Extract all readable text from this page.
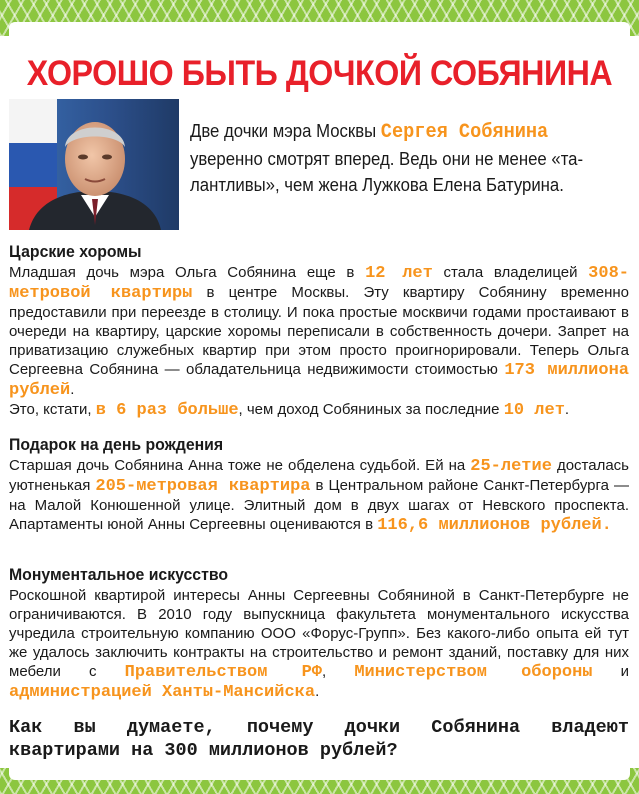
ХОРОШО БЫТЬ ДОЧКОЙ СОБЯНИНА
Две дочки мэра Москвы Сергея Собянина уверенно смотрят вперед. Ведь они не менее «талантливы», чем жена Лужкова Елена Батурина.
Царские хоромы

Младшая дочь мэра Ольга Собянина еще в 12 лет стала владелицей 308-метровой квартиры в центре Москвы. Эту квартиру Собянину временно предоставили при переезде в столицу. И пока простые москвичи годами простаивают в очереди на квартиру, царские хоромы переписали в собственность дочери. Запрет на приватизацию служебных квартир при этом просто проигнорировали. Теперь Ольга Сергеевна Собянина — обладательница недвижимости стоимостью 173 миллиона рублей.
Это, кстати, в 6 раз больше, чем доход Собяниных за последние 10 лет.

Подарок на день рождения

Старшая дочь Собянина Анна тоже не обделена судьбой. Ей на 25-летие досталась уютненькая 205-метровая квартира в Центральном районе Санкт-Петербурга — на Малой Конюшенной улице. Элитный дом в двух шагах от Невского проспекта. Апартаменты юной Анны Сергеевны оцениваются в 116,6 миллионов рублей.

Монументальное искусство

Роскошной квартирой интересы Анны Сергеевны Собяниной в Санкт-Петербурге не ограничиваются. В 2010 году выпускница факультета монументального искусства учредила строительную компанию ООО «Форус-Групп». Без какого-либо опыта ей тут же удалось заключить контракты на строительство и ремонт зданий, поставку для них мебели с Правительством РФ, Министерством обороны и администрацией Ханты-Мансийска.

Как вы думаете, почему дочки Собянина владеют квартирами на 300 миллионов рублей?
